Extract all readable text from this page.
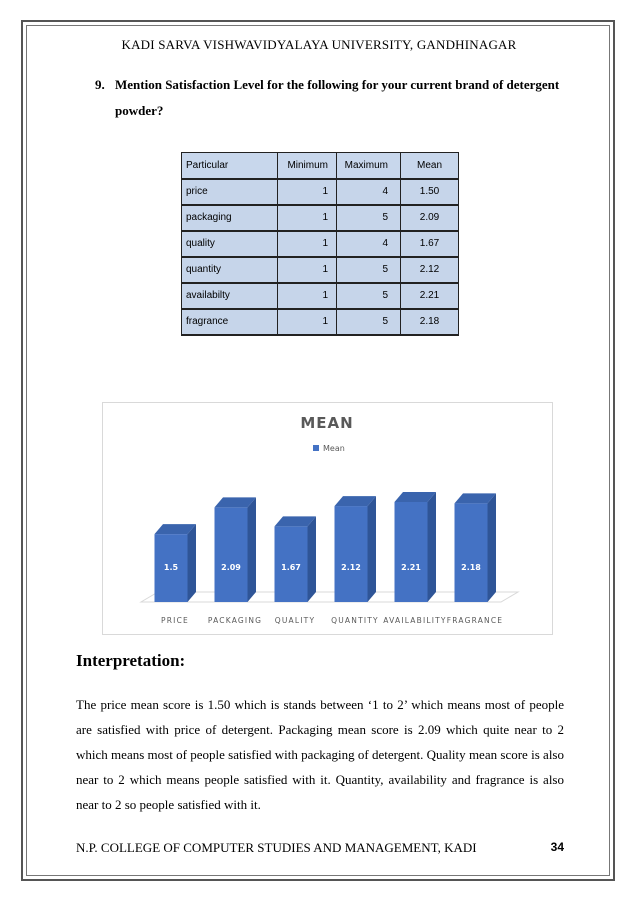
KADI SARVA VISHWAVIDYALAYA UNIVERSITY, GANDHINAGAR
9. Mention Satisfaction Level for the following for your current brand of detergent powder?
Particular	Minimum	Maximum	Mean
price	1	4	1.50
packaging	1	5	2.09
quality	1	4	1.67
quantity	1	5	2.12
availabilty	1	5	2.21
fragrance	1	5	2.18
MEAN
Mean
1.5
PRICE
2.09
PACKAGING
1.67
QUALITY
2.12
QUANTITY
2.21
AVAILABILITY
2.18
FRAGRANCE
Interpretation:
The price mean score is 1.50 which is stands between ‘1 to 2’ which means most of people are satisfied with price of detergent. Packaging mean score is 2.09 which quite near to 2 which means most of people satisfied with packaging of detergent. Quality mean score is also near to 2 which means people satisfied with it. Quantity, availability and fragrance is also near to 2 so people satisfied with it.
N.P. COLLEGE OF COMPUTER STUDIES AND MANAGEMENT, KADI	34
